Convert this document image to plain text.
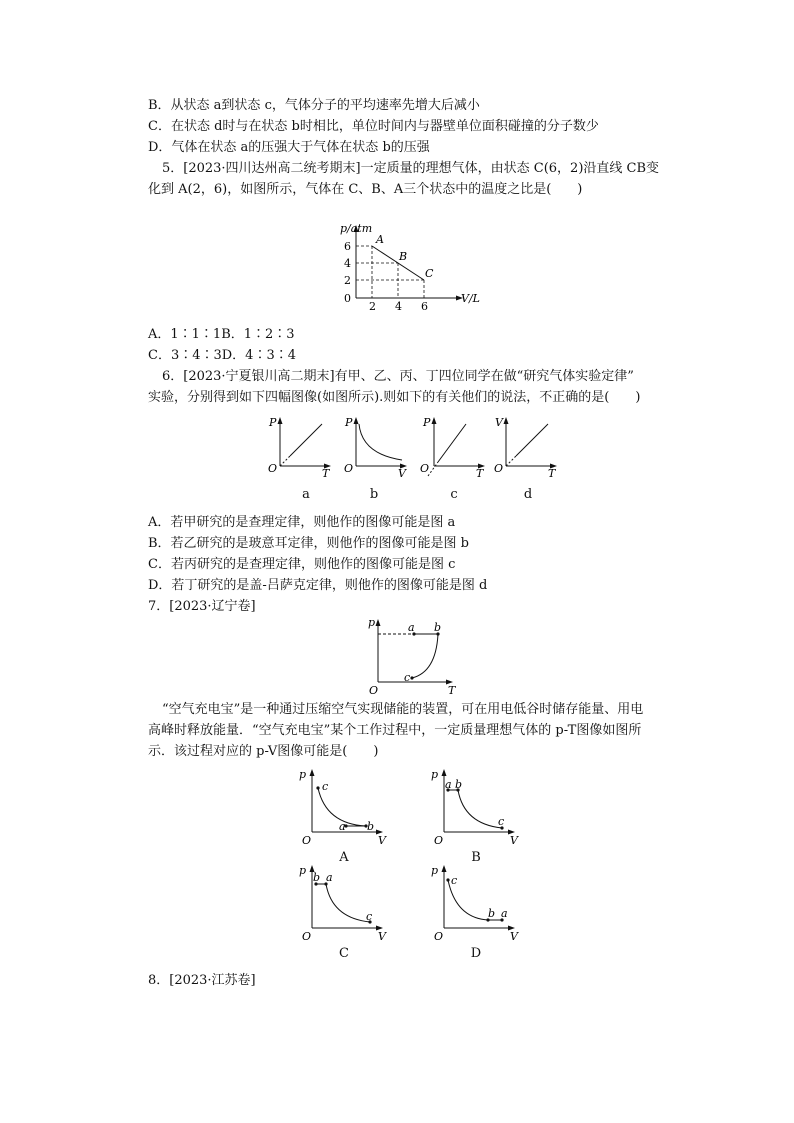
B．从状态 a到状态 c，气体分子的平均速率先增大后减小
C．在状态 d时与在状态 b时相比，单位时间内与器壁单位面积碰撞的分子数少
D．气体在状态 a的压强大于气体在状态 b的压强
5．[2023·四川达州高二统考期末]一定质量的理想气体，由状态 C(6，2)沿直线 CB变
化到 A(2，6)，如图所示，气体在 C、B、A三个状态中的温度之比是(　　)
p/atm
V/L
0
6
4
2
2 4 6
A
B
C
A．1∶1∶1B．1∶2∶3
C．3∶4∶3D．4∶3∶4
6．[2023·宁夏银川高二期末]有甲、乙、丙、丁四位同学在做“研究气体实验定律”
实验，分别得到如下四幅图像(如图所示).则如下的有关他们的说法，不正确的是(　　)
P
T
O
a
P
V
O
b
P
T
O
c
V
T
O
d
A．若甲研究的是查理定律，则他作的图像可能是图 a
B．若乙研究的是玻意耳定律，则他作的图像可能是图 b
C．若丙研究的是查理定律，则他作的图像可能是图 c
D．若丁研究的是盖-吕萨克定律，则他作的图像可能是图 d
7．[2023·辽宁卷]
p
T
O
a b
c
“空气充电宝”是一种通过压缩空气实现储能的装置，可在用电低谷时储存能量、用电
高峰时释放能量．“空气充电宝”某个工作过程中，一定质量理想气体的 p-T图像如图所
示．该过程对应的 p-V图像可能是(　　)
p
V
O
c
a b
A
p
V
O
a b
c
B
p
V
O
b a
c
C
p
V
O
c
b a
D
8．[2023·江苏卷]
